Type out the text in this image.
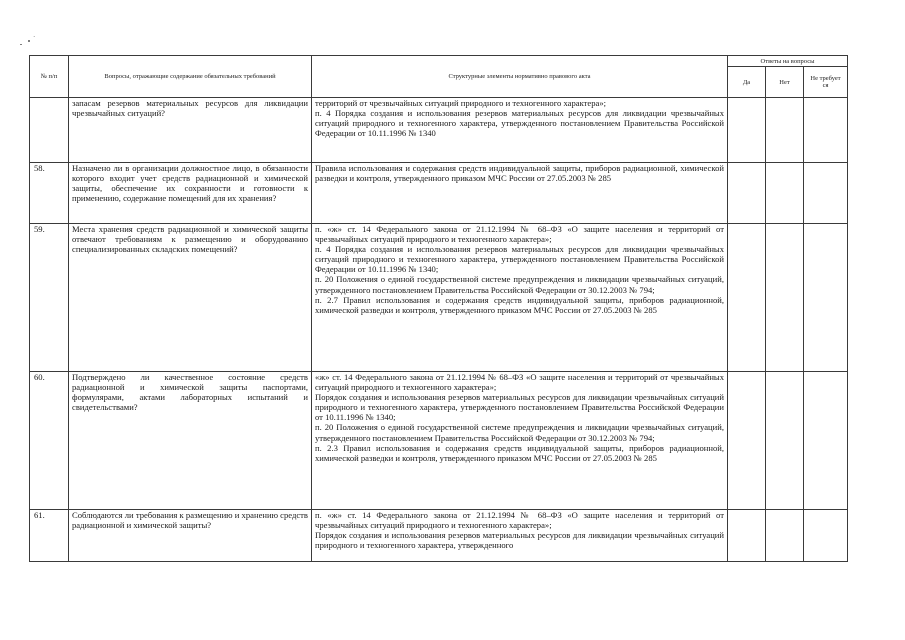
·
№ п/п	Вопросы, отражающие содержание обязательных требований	Структурные элементы нормативно правового акта	Ответы на вопросы		
			Да	Нет	Не требует ся
	запасам резервов материальных ресурсов для ликвидации чрезвычайных ситуаций?	территорий от чрезвычайных ситуаций природного и техногенного характера»;
п. 4 Порядка создания и использования резервов материальных ресурсов для ликвидации чрезвычайных ситуаций природного и техногенного характера, утвержденного постановлением Правительства Российской Федерации от 10.11.1996 № 1340			
58.	Назначено ли в организации должностное лицо, в обязанности которого входит учет средств радиационной и химической защиты, обеспечение их сохранности и готовности к применению, содержание помещений для их хранения?	Правила использования и содержания средств индивидуальной защиты, приборов радиационной, химической разведки и контроля, утвержденного приказом МЧС России от 27.05.2003 № 285			
59.	Места хранения средств радиационной и химической защиты отвечают требованиям к размещению и оборудованию специализированных складских помещений?	п. «ж» ст. 14 Федерального закона от 21.12.1994 № 68–ФЗ «О защите населения и территорий от чрезвычайных ситуаций природного и техногенного характера»;
п. 4 Порядка создания и использования резервов материальных ресурсов для ликвидации чрезвычайных ситуаций природного и техногенного характера, утвержденного постановлением Правительства Российской Федерации от 10.11.1996 № 1340;
п. 20 Положения о единой государственной системе предупреждения и ликвидации чрезвычайных ситуаций, утвержденного постановлением Правительства Российской Федерации от 30.12.2003 № 794;
п. 2.7 Правил использования и содержания средств индивидуальной защиты, приборов радиационной, химической разведки и контроля, утвержденного приказом МЧС России от 27.05.2003 № 285			
60.	Подтверждено ли качественное состояние средств радиационной и химической защиты паспортами, формулярами, актами лабораторных испытаний и свидетельствами?	«ж» ст. 14 Федерального закона от 21.12.1994 № 68–ФЗ «О защите населения и территорий от чрезвычайных ситуаций природного и техногенного характера»;
Порядок создания и использования резервов материальных ресурсов для ликвидации чрезвычайных ситуаций природного и техногенного характера, утвержденного постановлением Правительства Российской Федерации от 10.11.1996 № 1340;
п. 20 Положения о единой государственной системе предупреждения и ликвидации чрезвычайных ситуаций, утвержденного постановлением Правительства Российской Федерации от 30.12.2003 № 794;
п. 2.3 Правил использования и содержания средств индивидуальной защиты, приборов радиационной, химической разведки и контроля, утвержденного приказом МЧС России от 27.05.2003 № 285			
61.	Соблюдаются ли требования к размещению и хранению средств радиационной и химической защиты?	п. «ж» ст. 14 Федерального закона от 21.12.1994 № 68–ФЗ «О защите населения и территорий от чрезвычайных ситуаций природного и техногенного характера»;
Порядок создания и использования резервов материальных ресурсов для ликвидации чрезвычайных ситуаций природного и техногенного характера, утвержденного			
